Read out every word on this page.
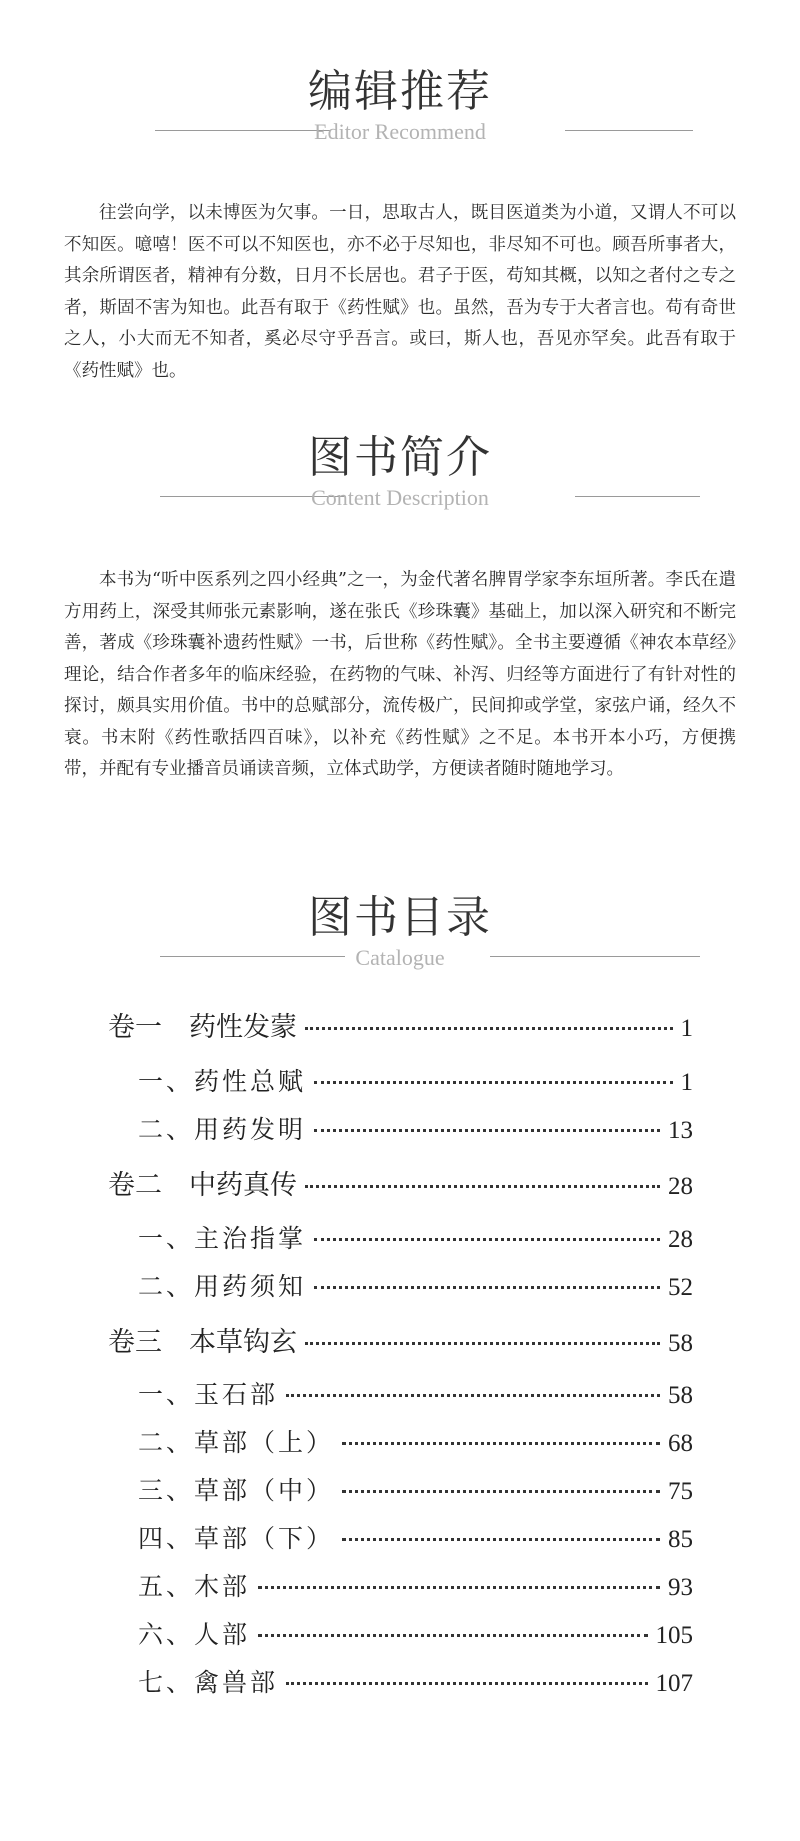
编辑推荐
Editor Recommend

往尝向学，以未博医为欠事。一日，思取古人，既目医道类为小道，又谓人不可以不知医。噫嘻！医不可以不知医也，亦不必于尽知也，非尽知不可也。顾吾所事者大，其余所谓医者，精神有分数，日月不长居也。君子于医，苟知其概，以知之者付之专之者，斯固不害为知也。此吾有取于《药性赋》也。虽然，吾为专于大者言也。苟有奇世之人，小大而无不知者，奚必尽守乎吾言。或曰，斯人也，吾见亦罕矣。此吾有取于《药性赋》也。

图书简介
Content Description

本书为“听中医系列之四小经典”之一，为金代著名脾胃学家李东垣所著。李氏在遣方用药上，深受其师张元素影响，遂在张氏《珍珠囊》基础上，加以深入研究和不断完善，著成《珍珠囊补遗药性赋》一书，后世称《药性赋》。全书主要遵循《神农本草经》理论，结合作者多年的临床经验，在药物的气味、补泻、归经等方面进行了有针对性的探讨，颇具实用价值。书中的总赋部分，流传极广，民间抑或学堂，家弦户诵，经久不衰。书末附《药性歌括四百味》，以补充《药性赋》之不足。本书开本小巧，方便携带，并配有专业播音员诵读音频，立体式助学，方便读者随时随地学习。

图书目录
Catalogue
卷一　药性发蒙	1
一、药性总赋	1
二、用药发明	13
卷二　中药真传	28
一、主治指掌	28
二、用药须知	52
卷三　本草钩玄	58
一、玉石部	58
二、草部（上）	68
三、草部（中）	75
四、草部（下）	85
五、木部	93
六、人部	105
七、禽兽部	107
